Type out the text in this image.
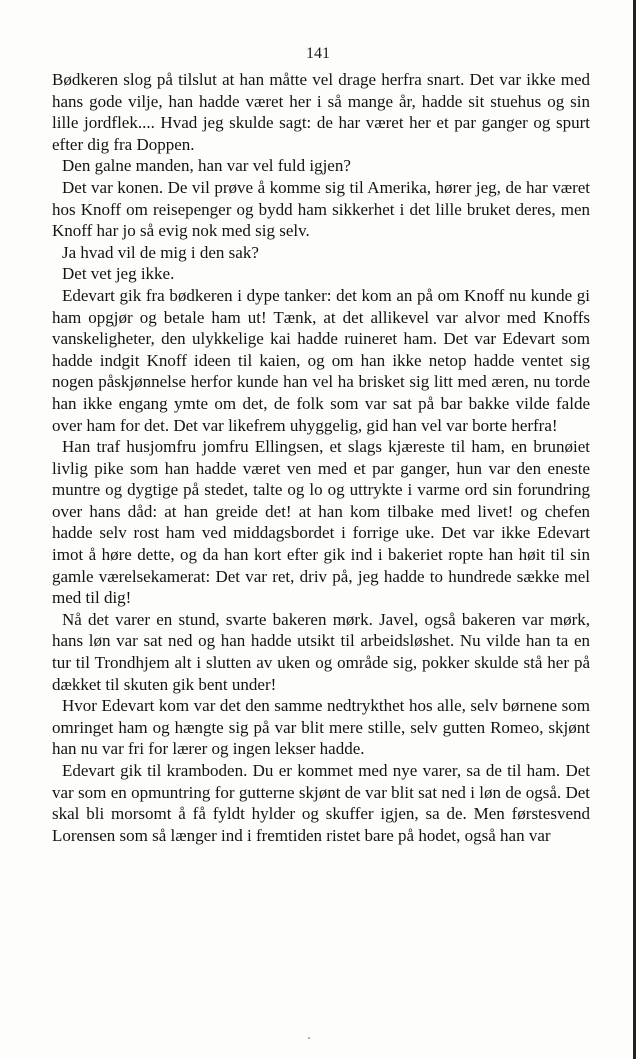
141

Bødkeren slog på tilslut at han måtte vel drage herfra snart. Det var ikke med hans gode vilje, han hadde været her i så mange år, hadde sit stuehus og sin lille jordflek.... Hvad jeg skulde sagt: de har været her et par ganger og spurt efter dig fra Doppen.

Den galne manden, han var vel fuld igjen?

Det var konen. De vil prøve å komme sig til Amerika, hører jeg, de har været hos Knoff om reisepenger og bydd ham sikkerhet i det lille bruket deres, men Knoff har jo så evig nok med sig selv.

Ja hvad vil de mig i den sak?

Det vet jeg ikke.

Edevart gik fra bødkeren i dype tanker: det kom an på om Knoff nu kunde gi ham opgjør og betale ham ut! Tænk, at det allikevel var alvor med Knoffs vanskeligheter, den ulykkelige kai hadde ruineret ham. Det var Edevart som hadde indgit Knoff ideen til kaien, og om han ikke netop hadde ventet sig nogen påskjønnelse herfor kunde han vel ha brisket sig litt med æren, nu torde han ikke engang ymte om det, de folk som var sat på bar bakke vilde falde over ham for det. Det var likefrem uhyggelig, gid han vel var borte herfra!

Han traf husjomfru jomfru Ellingsen, et slags kjæreste til ham, en brunøiet livlig pike som han hadde været ven med et par ganger, hun var den eneste muntre og dygtige på stedet, talte og lo og uttrykte i varme ord sin forundring over hans dåd: at han greide det! at han kom tilbake med livet! og chefen hadde selv rost ham ved middagsbordet i forrige uke. Det var ikke Edevart imot å høre dette, og da han kort efter gik ind i bakeriet ropte han høit til sin gamle værelsekamerat: Det var ret, driv på, jeg hadde to hundrede sække mel med til dig!

Nå det varer en stund, svarte bakeren mørk. Javel, også bakeren var mørk, hans løn var sat ned og han hadde utsikt til arbeidsløshet. Nu vilde han ta en tur til Trondhjem alt i slutten av uken og område sig, pokker skulde stå her på dækket til skuten gik bent under!

Hvor Edevart kom var det den samme nedtrykthet hos alle, selv børnene som omringet ham og hængte sig på var blit mere stille, selv gutten Romeo, skjønt han nu var fri for lærer og ingen lekser hadde.

Edevart gik til kramboden. Du er kommet med nye varer, sa de til ham. Det var som en opmuntring for gutterne skjønt de var blit sat ned i løn de også. Det skal bli morsomt å få fyldt hylder og skuffer igjen, sa de. Men førstesvend Lorensen som så længer ind i fremtiden ristet bare på hodet, også han var
